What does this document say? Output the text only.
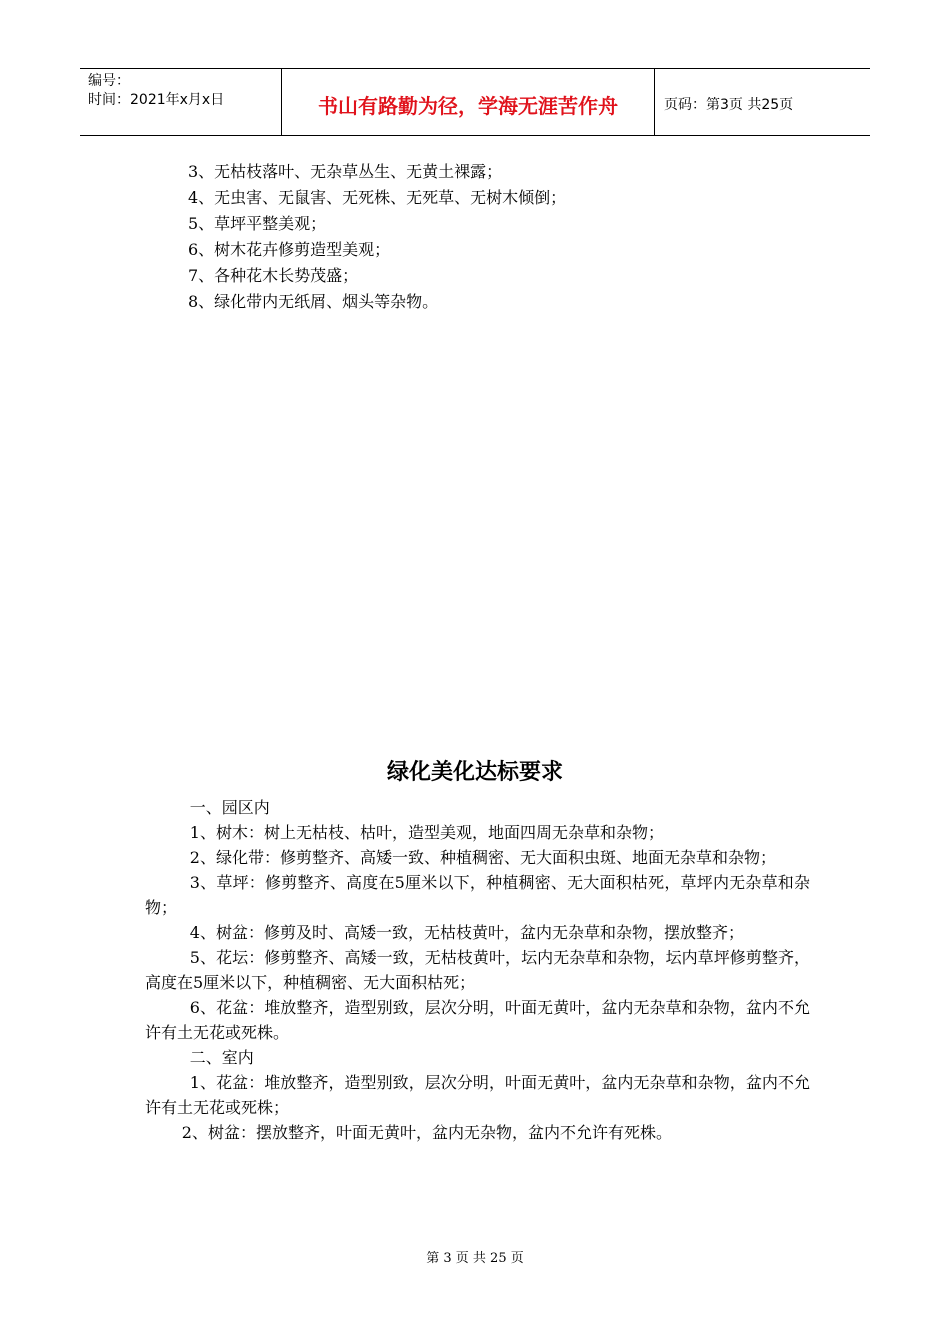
编号：
时间：2021年x月x日	书山有路勤为径，学海无涯苦作舟	页码：第3页 共25页
3、无枯枝落叶、无杂草丛生、无黄土裸露；
4、无虫害、无鼠害、无死株、无死草、无树木倾倒；
5、草坪平整美观；
6、树木花卉修剪造型美观；
7、各种花木长势茂盛；
8、绿化带内无纸屑、烟头等杂物。
绿化美化达标要求

一、园区内

1、树木：树上无枯枝、枯叶，造型美观，地面四周无杂草和杂物；

2、绿化带：修剪整齐、高矮一致、种植稠密、无大面积虫斑、地面无杂草和杂物；

3、草坪：修剪整齐、高度在5厘米以下，种植稠密、无大面积枯死，草坪内无杂草和杂物；

4、树盆：修剪及时、高矮一致，无枯枝黄叶，盆内无杂草和杂物，摆放整齐；

5、花坛：修剪整齐、高矮一致，无枯枝黄叶，坛内无杂草和杂物，坛内草坪修剪整齐，高度在5厘米以下，种植稠密、无大面积枯死；

6、花盆：堆放整齐，造型别致，层次分明，叶面无黄叶，盆内无杂草和杂物，盆内不允许有土无花或死株。

二、室内

1、花盆：堆放整齐，造型别致，层次分明，叶面无黄叶，盆内无杂草和杂物，盆内不允许有土无花或死株；

2、树盆：摆放整齐，叶面无黄叶，盆内无杂物，盆内不允许有死株。

第 3 页 共 25 页
